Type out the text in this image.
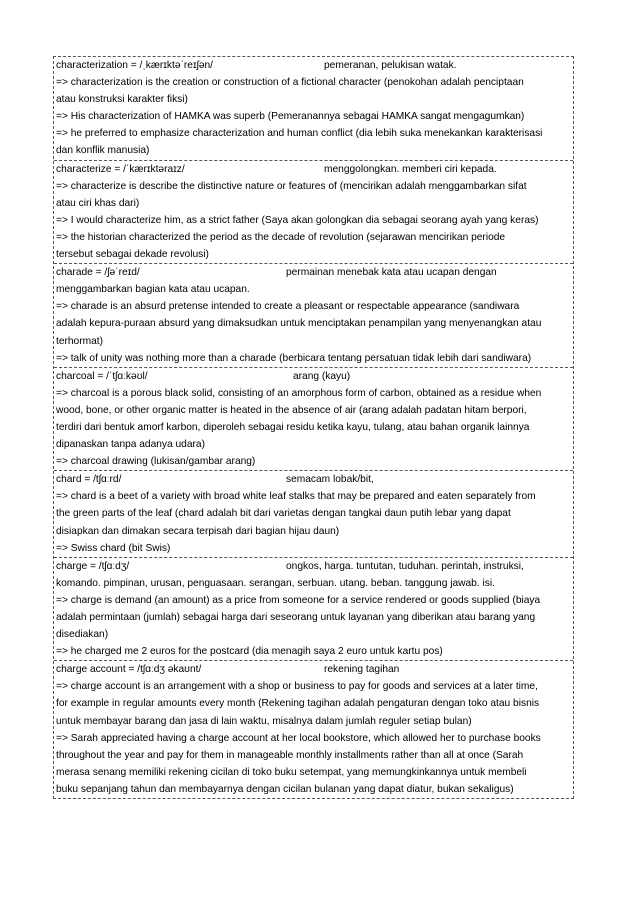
characterization = /ˌkærɪktəˈreɪʃən/	pemeranan, pelukisan watak.
=> characterization is the creation or construction of a fictional character (penokohan adalah penciptaan
atau konstruksi karakter fiksi)
=> His characterization of HAMKA was superb (Pemeranannya sebagai HAMKA sangat mengagumkan)
=> he preferred to emphasize characterization and human conflict (dia lebih suka menekankan karakterisasi
dan konflik manusia)
characterize = /ˈkærɪktəraɪz/	menggolongkan. memberi ciri kepada.
=> characterize is describe the distinctive nature or features of (mencirikan adalah menggambarkan sifat
atau ciri khas dari)
=> I would characterize him, as a strict father (Saya akan golongkan dia sebagai seorang ayah yang keras)
=> the historian characterized the period as the decade of revolution (sejarawan mencirikan periode
tersebut sebagai dekade revolusi)
charade = /ʃəˈreɪd/	permainan menebak kata atau ucapan dengan
menggambarkan bagian kata atau ucapan.
=> charade is an absurd pretense intended to create a pleasant or respectable appearance (sandiwara
adalah kepura-puraan absurd yang dimaksudkan untuk menciptakan penampilan yang menyenangkan atau
terhormat)
=> talk of unity was nothing more than a charade (berbicara tentang persatuan tidak lebih dari sandiwara)
charcoal = /ˈtʃɑːkəʊl/	arang (kayu)
=> charcoal is a porous black solid, consisting of an amorphous form of carbon, obtained as a residue when
wood, bone, or other organic matter is heated in the absence of air (arang adalah padatan hitam berpori,
terdiri dari bentuk amorf karbon, diperoleh sebagai residu ketika kayu, tulang, atau bahan organik lainnya
dipanaskan tanpa adanya udara)
=> charcoal drawing (lukisan/gambar arang)
chard = /tʃɑːrd/	semacam lobak/bit,
=> chard is a beet of a variety with broad white leaf stalks that may be prepared and eaten separately from
the green parts of the leaf (chard adalah bit dari varietas dengan tangkai daun putih lebar yang dapat
disiapkan dan dimakan secara terpisah dari bagian hijau daun)
=> Swiss chard (bit Swis)
charge = /tʃɑːdʒ/	ongkos, harga. tuntutan, tuduhan. perintah, instruksi,
komando. pimpinan, urusan, penguasaan. serangan, serbuan. utang. beban. tanggung jawab. isi.
=> charge is demand (an amount) as a price from someone for a service rendered or goods supplied (biaya
adalah permintaan (jumlah) sebagai harga dari seseorang untuk layanan yang diberikan atau barang yang
disediakan)
=> he charged me 2 euros for the postcard (dia menagih saya 2 euro untuk kartu pos)
charge account = /tʃɑːdʒ əkaʊnt/	rekening tagihan
=> charge account is an arrangement with a shop or business to pay for goods and services at a later time,
for example in regular amounts every month (Rekening tagihan adalah pengaturan dengan toko atau bisnis
untuk membayar barang dan jasa di lain waktu, misalnya dalam jumlah reguler setiap bulan)
=> Sarah appreciated having a charge account at her local bookstore, which allowed her to purchase books
throughout the year and pay for them in manageable monthly installments rather than all at once (Sarah
merasa senang memiliki rekening cicilan di toko buku setempat, yang memungkinkannya untuk membeli
buku sepanjang tahun dan membayarnya dengan cicilan bulanan yang dapat diatur, bukan sekaligus)
